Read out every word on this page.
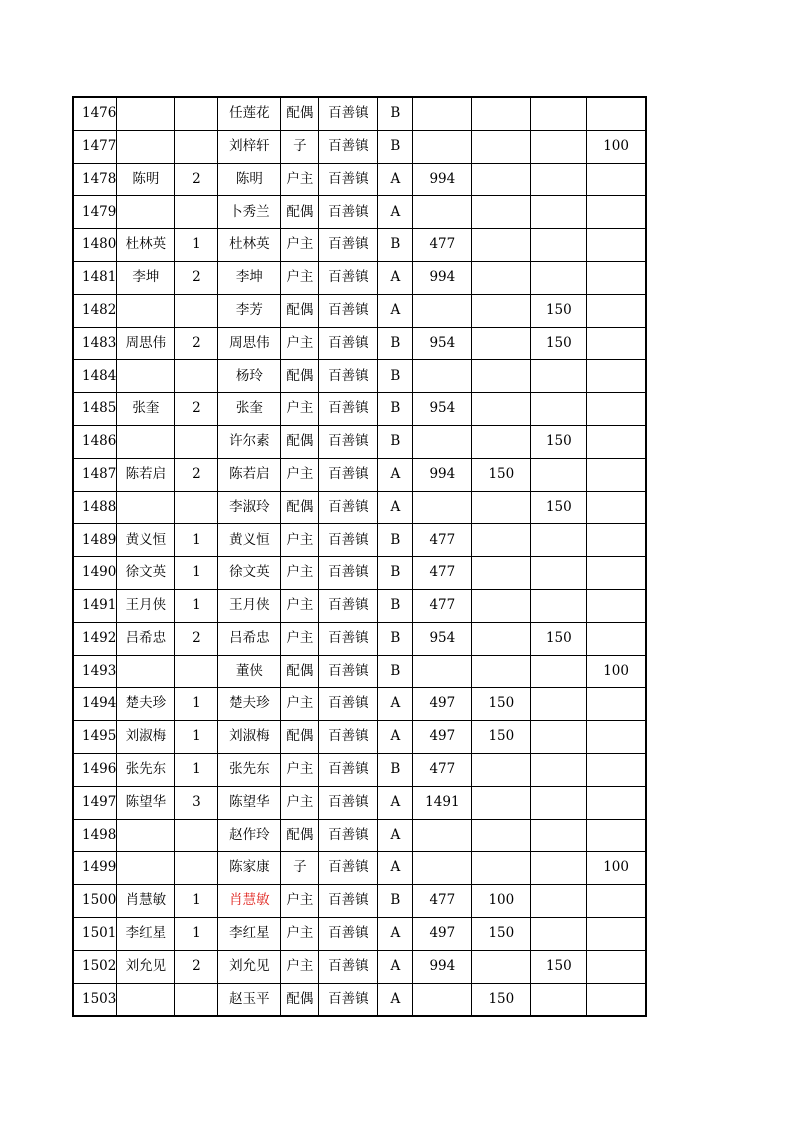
1476			任莲花	配偶	百善镇	B				
1477			刘梓轩	子	百善镇	B				100
1478	陈明	2	陈明	户主	百善镇	A	994			
1479			卜秀兰	配偶	百善镇	A				
1480	杜林英	1	杜林英	户主	百善镇	B	477			
1481	李坤	2	李坤	户主	百善镇	A	994			
1482			李芳	配偶	百善镇	A			150	
1483	周思伟	2	周思伟	户主	百善镇	B	954		150	
1484			杨玲	配偶	百善镇	B				
1485	张奎	2	张奎	户主	百善镇	B	954			
1486			许尔素	配偶	百善镇	B			150	
1487	陈若启	2	陈若启	户主	百善镇	A	994	150		
1488			李淑玲	配偶	百善镇	A			150	
1489	黄义恒	1	黄义恒	户主	百善镇	B	477			
1490	徐文英	1	徐文英	户主	百善镇	B	477			
1491	王月侠	1	王月侠	户主	百善镇	B	477			
1492	吕希忠	2	吕希忠	户主	百善镇	B	954		150	
1493			董侠	配偶	百善镇	B				100
1494	楚夫珍	1	楚夫珍	户主	百善镇	A	497	150		
1495	刘淑梅	1	刘淑梅	配偶	百善镇	A	497	150		
1496	张先东	1	张先东	户主	百善镇	B	477			
1497	陈望华	3	陈望华	户主	百善镇	A	1491			
1498			赵作玲	配偶	百善镇	A				
1499			陈家康	子	百善镇	A				100
1500	肖慧敏	1	肖慧敏	户主	百善镇	B	477	100		
1501	李红星	1	李红星	户主	百善镇	A	497	150		
1502	刘允见	2	刘允见	户主	百善镇	A	994		150	
1503			赵玉平	配偶	百善镇	A		150		
